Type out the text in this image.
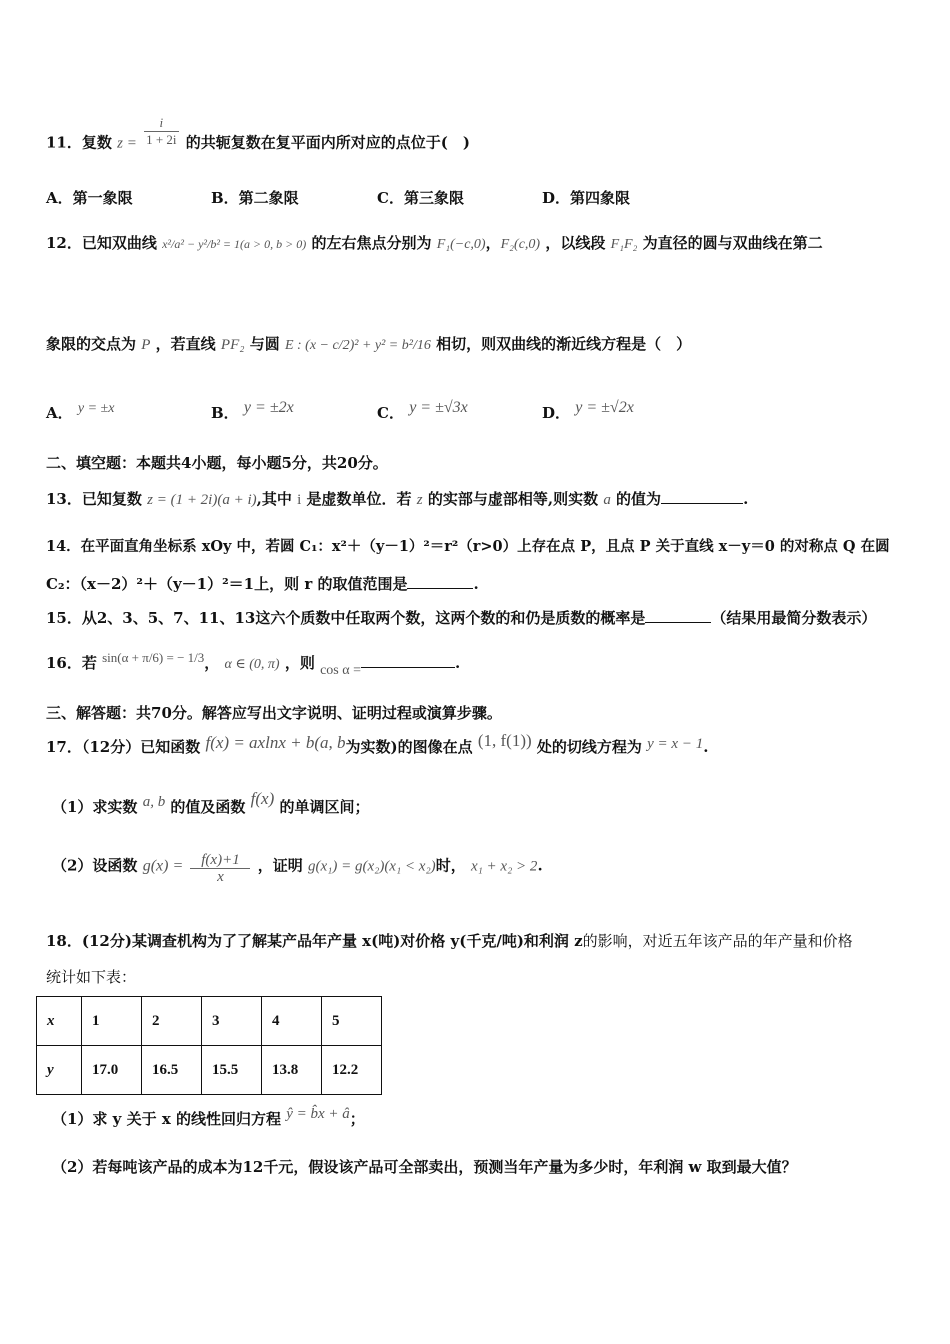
11．复数 $z = \frac{i}{1 + 2i}$ 的共轭复数在复平面内所对应的点位于(　)
A．第一象限	B．第二象限	C．第三象限	D．第四象限
12．已知双曲线 x²/a² − y²/b² = 1(a > 0, b > 0) 的左右焦点分别为 F₁(−c,0)，F₂(c,0) ，以线段 F₁F₂ 为直径的圆与双曲线在第二
象限的交点为 P ，若直线 PF₂ 与圆 E : (x − c/2)² + y² = b²/16 相切，则双曲线的渐近线方程是（　）
A． y = ±x	B． y = ±2x	C． y = ±√3x	D． y = ±√2x
二、填空题：本题共4小题，每小题5分，共20分。
13．已知复数 z = (1 + 2i)(a + i),其中 i 是虚数单位．若 z 的实部与虚部相等,则实数 a 的值为	.
14．在平面直角坐标系 xOy 中，若圆 C₁：x²＋（y－1）²＝r²（r>0）上存在点 P，且点 P 关于直线 x－y＝0 的对称点 Q 在圆
C₂：（x－2）²＋（y－1）²＝1上，则 r 的取值范围是	.
15．从2、3、5、7、11、13这六个质数中任取两个数，这两个数的和仍是质数的概率是	（结果用最简分数表示）
16．若 sin(α + π/6) = − 1/3， α ∈ (0, π) ，则 cos α =	.
三、解答题：共70分。解答应写出文字说明、证明过程或演算步骤。
17．（12分）已知函数 f(x) = axlnx + b(a, b为实数)的图像在点 (1, f(1)) 处的切线方程为 y = x − 1.
（1）求实数 a, b 的值及函数 f(x) 的单调区间；
（2）设函数 $g(x) = \frac{f(x)+1}{x}$ ，证明 g(x₁) = g(x₂)(x₁ < x₂)时， x₁ + x₂ > 2.
18．(12分)某调查机构为了了解某产品年产量 x(吨)对价格 y(千克/吨)和利润 z的影响，对近五年该产品的年产量和价格
统计如下表：
x	1	2	3	4	5
y	17.0	16.5	15.5	13.8	12.2
（1）求 y 关于 x 的线性回归方程 ŷ = b̂x + â；
（2）若每吨该产品的成本为12千元，假设该产品可全部卖出，预测当年产量为多少时，年利润 w 取到最大值？
